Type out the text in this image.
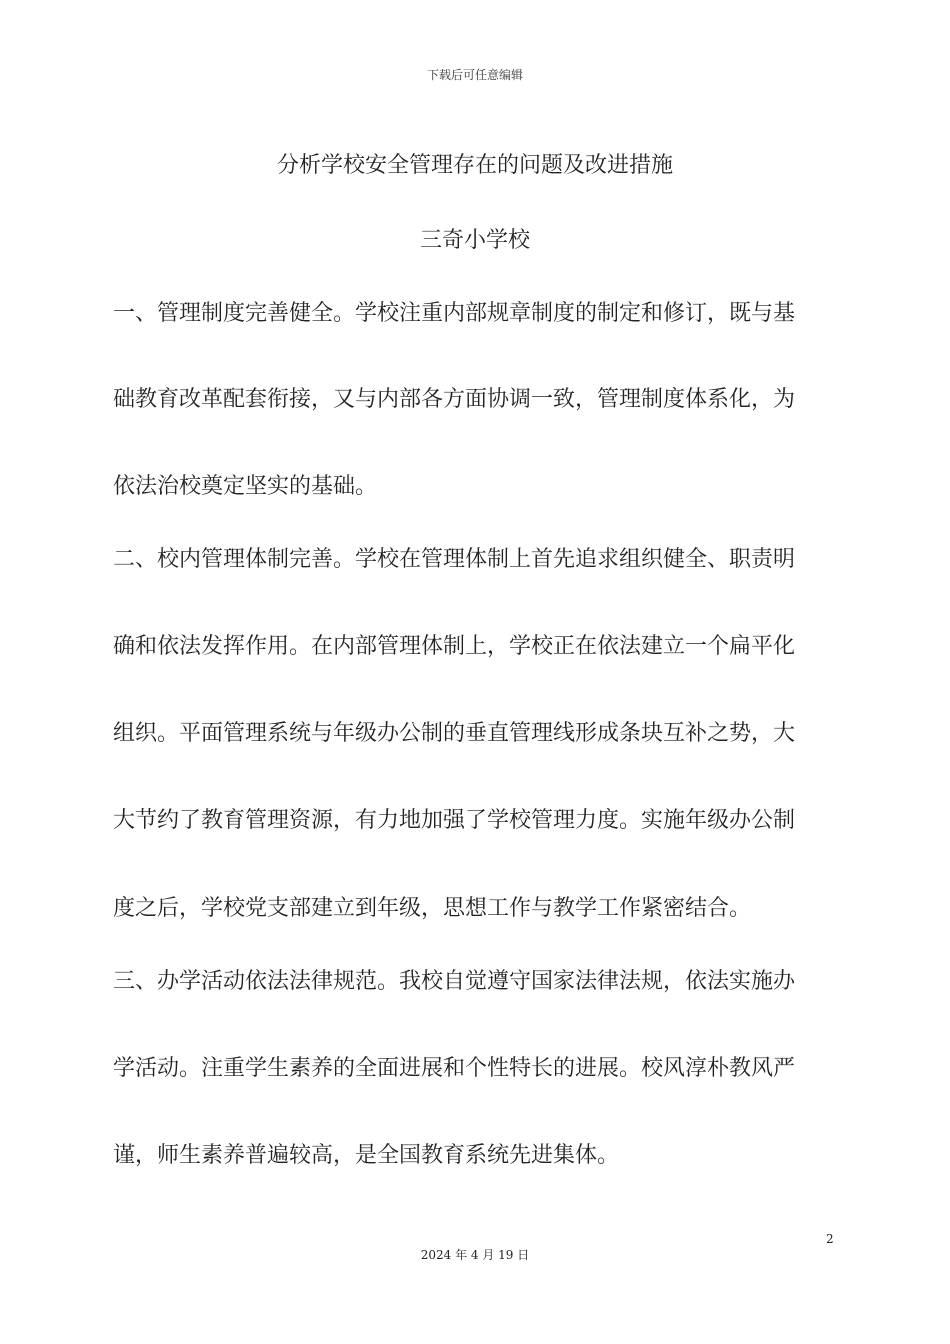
下载后可任意编辑
分析学校安全管理存在的问题及改进措施
三奇小学校
一、管理制度完善健全。学校注重内部规章制度的制定和修订，既与基
础教育改革配套衔接，又与内部各方面协调一致，管理制度体系化，为
依法治校奠定坚实的基础。
二、校内管理体制完善。学校在管理体制上首先追求组织健全、职责明
确和依法发挥作用。在内部管理体制上，学校正在依法建立一个扁平化
组织。平面管理系统与年级办公制的垂直管理线形成条块互补之势，大
大节约了教育管理资源，有力地加强了学校管理力度。实施年级办公制
度之后，学校党支部建立到年级，思想工作与教学工作紧密结合。
三、办学活动依法法律规范。我校自觉遵守国家法律法规，依法实施办
学活动。注重学生素养的全面进展和个性特长的进展。校风淳朴教风严
谨，师生素养普遍较高，是全国教育系统先进集体。
2
2024 年 4 月 19 日
